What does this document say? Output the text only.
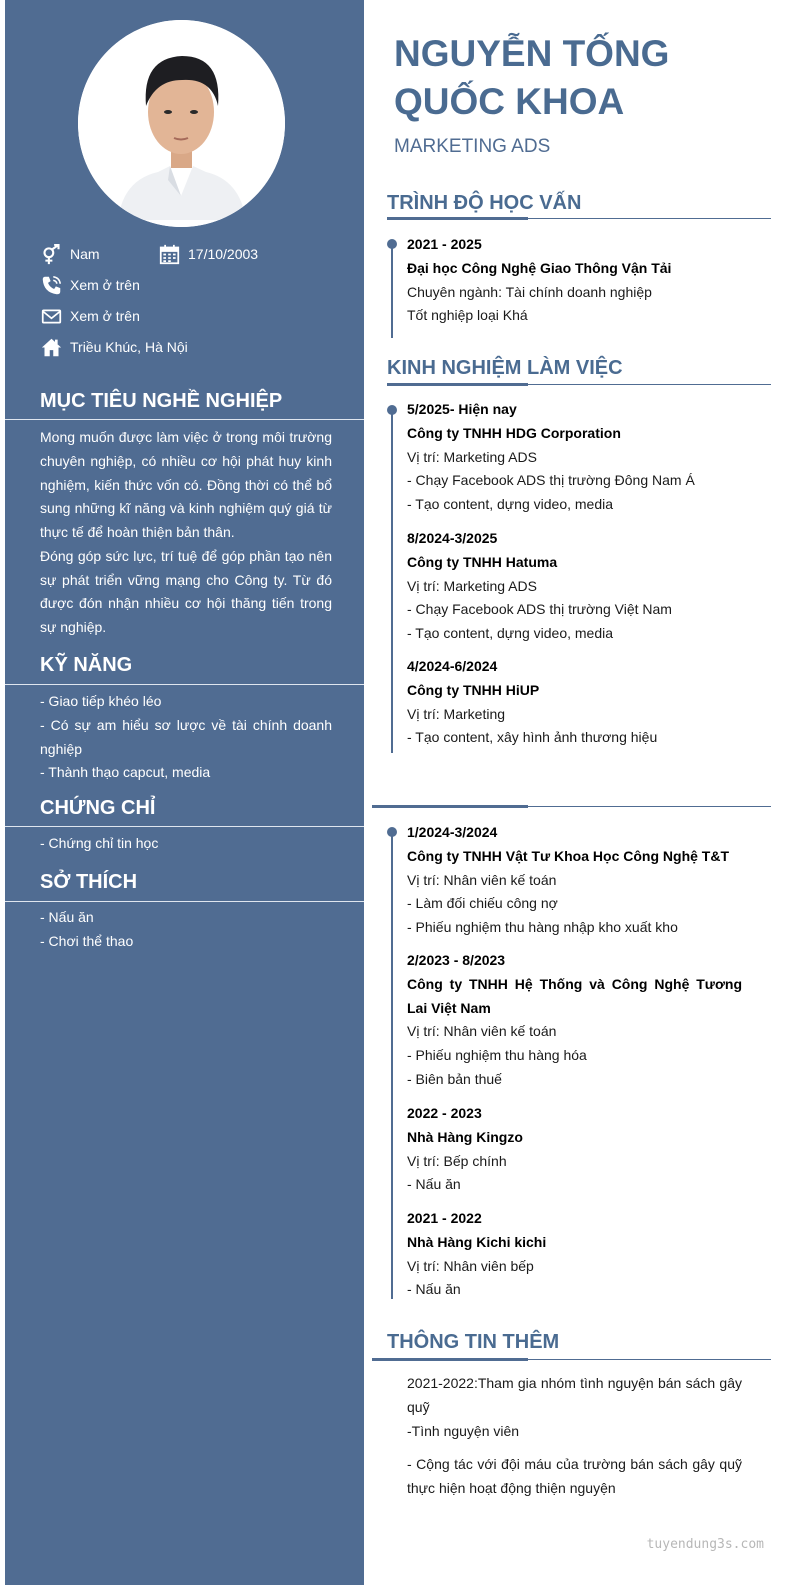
Nam	17/10/2003
Xem ở trên
Xem ở trên
Triều Khúc, Hà Nội
MỤC TIÊU NGHỀ NGHIỆP

Mong muốn được làm việc ở trong môi trường chuyên nghiệp, có nhiều cơ hội phát huy kinh nghiệm, kiến thức vốn có. Đồng thời có thể bổ sung những kĩ năng và kinh nghiệm quý giá từ thực tế để hoàn thiện bản thân.

Đóng góp sức lực, trí tuệ để góp phần tạo nên sự phát triển vững mạng cho Công ty. Từ đó được đón nhận nhiều cơ hội thăng tiến trong sự nghiệp.

KỸ NĂNG

- Giao tiếp khéo léo

- Có sự am hiểu sơ lược về tài chính doanh nghiệp

- Thành thạo capcut, media

CHỨNG CHỈ

- Chứng chỉ tin học

SỞ THÍCH

- Nấu ăn

- Chơi thể thao

NGUYỄN TỐNG
QUỐC KHOA
MARKETING ADS
TRÌNH ĐỘ HỌC VẤN
2021 - 2025
Đại học Công Nghệ Giao Thông Vận Tải
Chuyên ngành: Tài chính doanh nghiệp
Tốt nghiệp loại Khá
KINH NGHIỆM LÀM VIỆC
5/2025- Hiện nay
Công ty TNHH HDG Corporation
Vị trí: Marketing ADS
- Chạy Facebook ADS thị trường Đông Nam Á
- Tạo content, dựng video, media
8/2024-3/2025
Công ty TNHH Hatuma
Vị trí: Marketing ADS
- Chạy Facebook ADS thị trường Việt Nam
- Tạo content, dựng video, media
4/2024-6/2024
Công ty TNHH HiUP
Vị trí: Marketing
- Tạo content, xây hình ảnh thương hiệu
1/2024-3/2024
Công ty TNHH Vật Tư Khoa Học Công Nghệ T&T
Vị trí: Nhân viên kế toán
- Làm đối chiếu công nợ
- Phiếu nghiệm thu hàng nhập kho xuất kho
2/2023 - 8/2023
Công ty TNHH Hệ Thống và Công Nghệ Tương Lai Việt Nam
Vị trí: Nhân viên kế toán
- Phiếu nghiệm thu hàng hóa
- Biên bản thuế
2022 - 2023
Nhà Hàng Kingzo
Vị trí: Bếp chính
- Nấu ăn
2021 - 2022
Nhà Hàng Kichi kichi
Vị trí: Nhân viên bếp
- Nấu ăn
THÔNG TIN THÊM
2021-2022:Tham gia nhóm tình nguyện bán sách gây quỹ
-Tình nguyện viên
- Cộng tác với đội máu của trường bán sách gây quỹ thực hiện hoạt động thiện nguyện
tuyendung3s.com
